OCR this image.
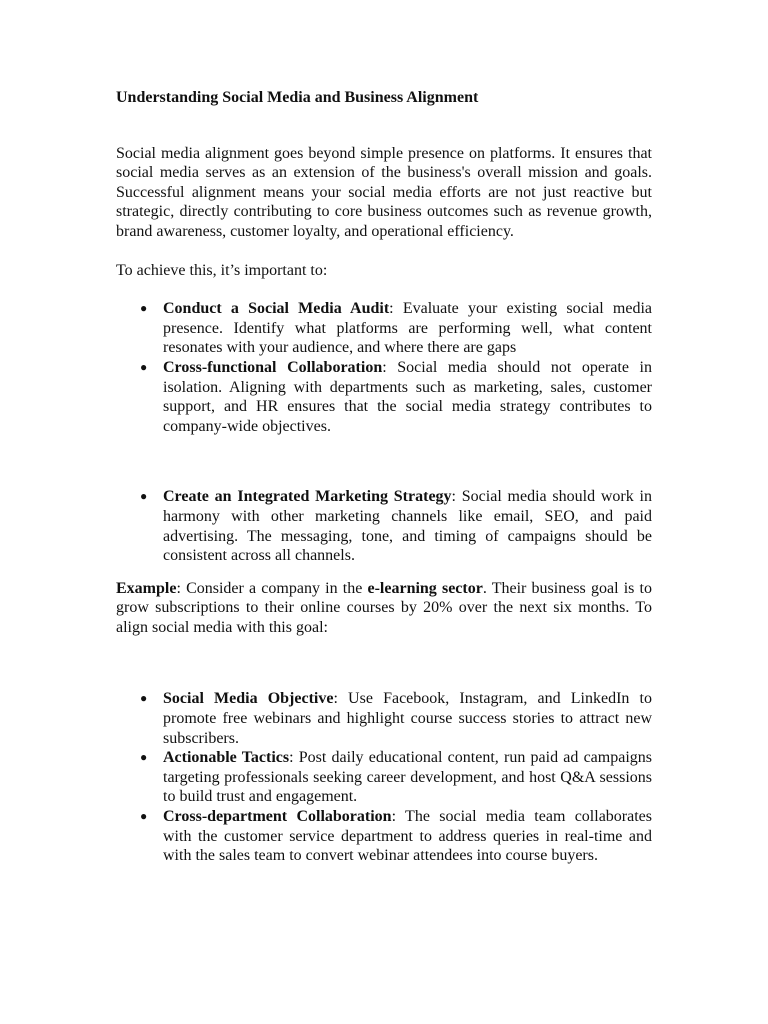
Understanding Social Media and Business Alignment

Social media alignment goes beyond simple presence on platforms. It ensures that social media serves as an extension of the business's overall mission and goals. Successful alignment means your social media efforts are not just reactive but strategic, directly contributing to core business outcomes such as revenue growth, brand awareness, customer loyalty, and operational efficiency.

To achieve this, it’s important to:

● Conduct a Social Media Audit: Evaluate your existing social media presence. Identify what platforms are performing well, what content resonates with your audience, and where there are gaps
● Cross-functional Collaboration: Social media should not operate in isolation. Aligning with departments such as marketing, sales, customer support, and HR ensures that the social media strategy contributes to company-wide objectives.
● Create an Integrated Marketing Strategy: Social media should work in harmony with other marketing channels like email, SEO, and paid advertising. The messaging, tone, and timing of campaigns should be consistent across all channels.

Example: Consider a company in the e-learning sector. Their business goal is to grow subscriptions to their online courses by 20% over the next six months. To align social media with this goal:

● Social Media Objective: Use Facebook, Instagram, and LinkedIn to promote free webinars and highlight course success stories to attract new subscribers.
● Actionable Tactics: Post daily educational content, run paid ad campaigns targeting professionals seeking career development, and host Q&A sessions to build trust and engagement.
● Cross-department Collaboration: The social media team collaborates with the customer service department to address queries in real-time and with the sales team to convert webinar attendees into course buyers.
